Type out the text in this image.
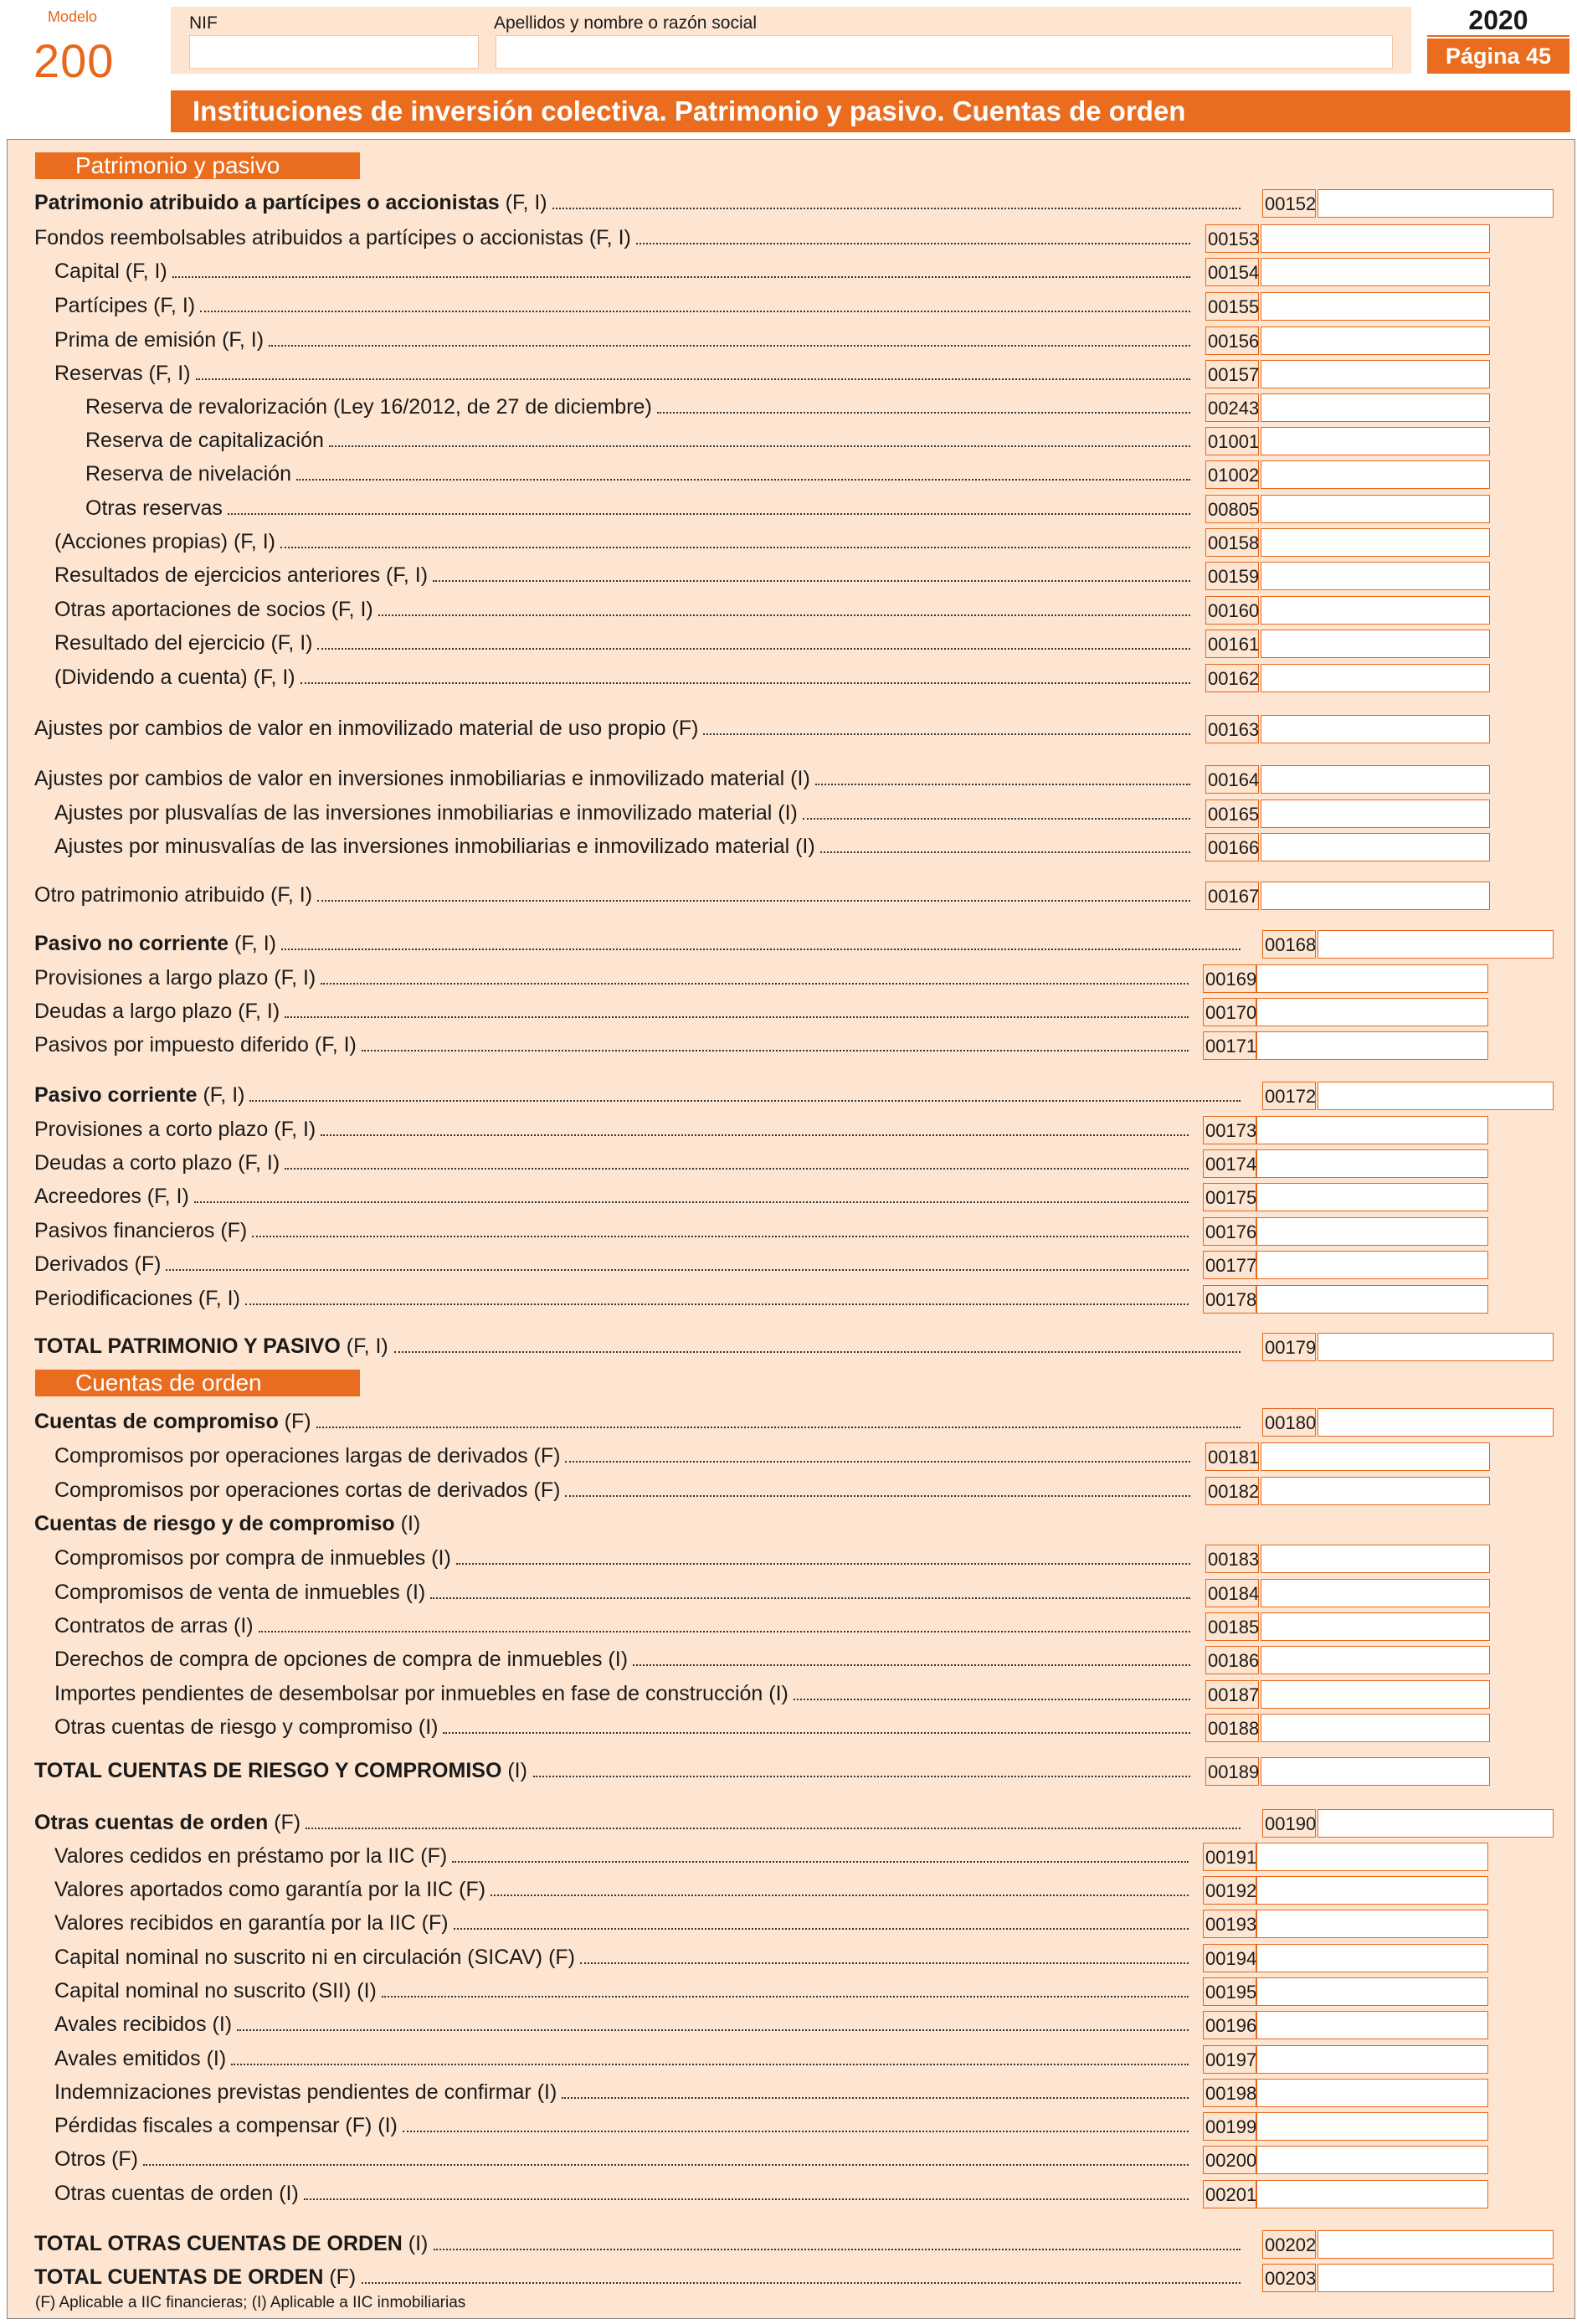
Modelo
200
NIF	Apellidos y nombre o razón social	2020
Página 45
Instituciones de inversión colectiva. Patrimonio y pasivo. Cuentas de orden
Patrimonio y pasivo
Cuentas de orden
Patrimonio atribuido a partícipes o accionistas (F, I)	00152
Fondos reembolsables atribuidos a partícipes o accionistas (F, I)	00153
Capital (F, I)	00154
Partícipes (F, I)	00155
Prima de emisión (F, I)	00156
Reservas (F, I)	00157
Reserva de revalorización (Ley 16/2012, de 27 de diciembre)	00243
Reserva de capitalización	01001
Reserva de nivelación	01002
Otras reservas	00805
(Acciones propias) (F, I)	00158
Resultados de ejercicios anteriores (F, I)	00159
Otras aportaciones de socios (F, I)	00160
Resultado del ejercicio (F, I)	00161
(Dividendo a cuenta) (F, I)	00162
Ajustes por cambios de valor en inmovilizado material de uso propio (F)	00163
Ajustes por cambios de valor en inversiones inmobiliarias e inmovilizado material (I)	00164
Ajustes por plusvalías de las inversiones inmobiliarias e inmovilizado material (I)	00165
Ajustes por minusvalías de las inversiones inmobiliarias e inmovilizado material (I)	00166
Otro patrimonio atribuido (F, I)	00167
Pasivo no corriente (F, I)	00168
Provisiones a largo plazo (F, I)	00169
Deudas a largo plazo (F, I)	00170
Pasivos por impuesto diferido (F, I)	00171
Pasivo corriente (F, I)	00172
Provisiones a corto plazo (F, I)	00173
Deudas a corto plazo (F, I)	00174
Acreedores (F, I)	00175
Pasivos financieros (F)	00176
Derivados (F)	00177
Periodificaciones (F, I)	00178
TOTAL PATRIMONIO Y PASIVO (F, I)	00179
Cuentas de compromiso (F)	00180
Compromisos por operaciones largas de derivados (F)	00181
Compromisos por operaciones cortas de derivados (F)	00182
Cuentas de riesgo y de compromiso (I)
Compromisos por compra de inmuebles (I)	00183
Compromisos de venta de inmuebles (I)	00184
Contratos de arras (I)	00185
Derechos de compra de opciones de compra de inmuebles (I)	00186
Importes pendientes de desembolsar por inmuebles en fase de construcción (I)	00187
Otras cuentas de riesgo y compromiso (I)	00188
TOTAL CUENTAS DE RIESGO Y COMPROMISO (I)	00189
Otras cuentas de orden (F)	00190
Valores cedidos en préstamo por la IIC (F)	00191
Valores aportados como garantía por la IIC (F)	00192
Valores recibidos en garantía por la IIC (F)	00193
Capital nominal no suscrito ni en circulación (SICAV) (F)	00194
Capital nominal no suscrito (SII) (I)	00195
Avales recibidos (I)	00196
Avales emitidos (I)	00197
Indemnizaciones previstas pendientes de confirmar (I)	00198
Pérdidas fiscales a compensar (F) (I)	00199
Otros (F)	00200
Otras cuentas de orden (I)	00201
TOTAL OTRAS CUENTAS DE ORDEN (I)	00202
TOTAL CUENTAS DE ORDEN (F)	00203
(F) Aplicable a IIC financieras; (I) Aplicable a IIC inmobiliarias
